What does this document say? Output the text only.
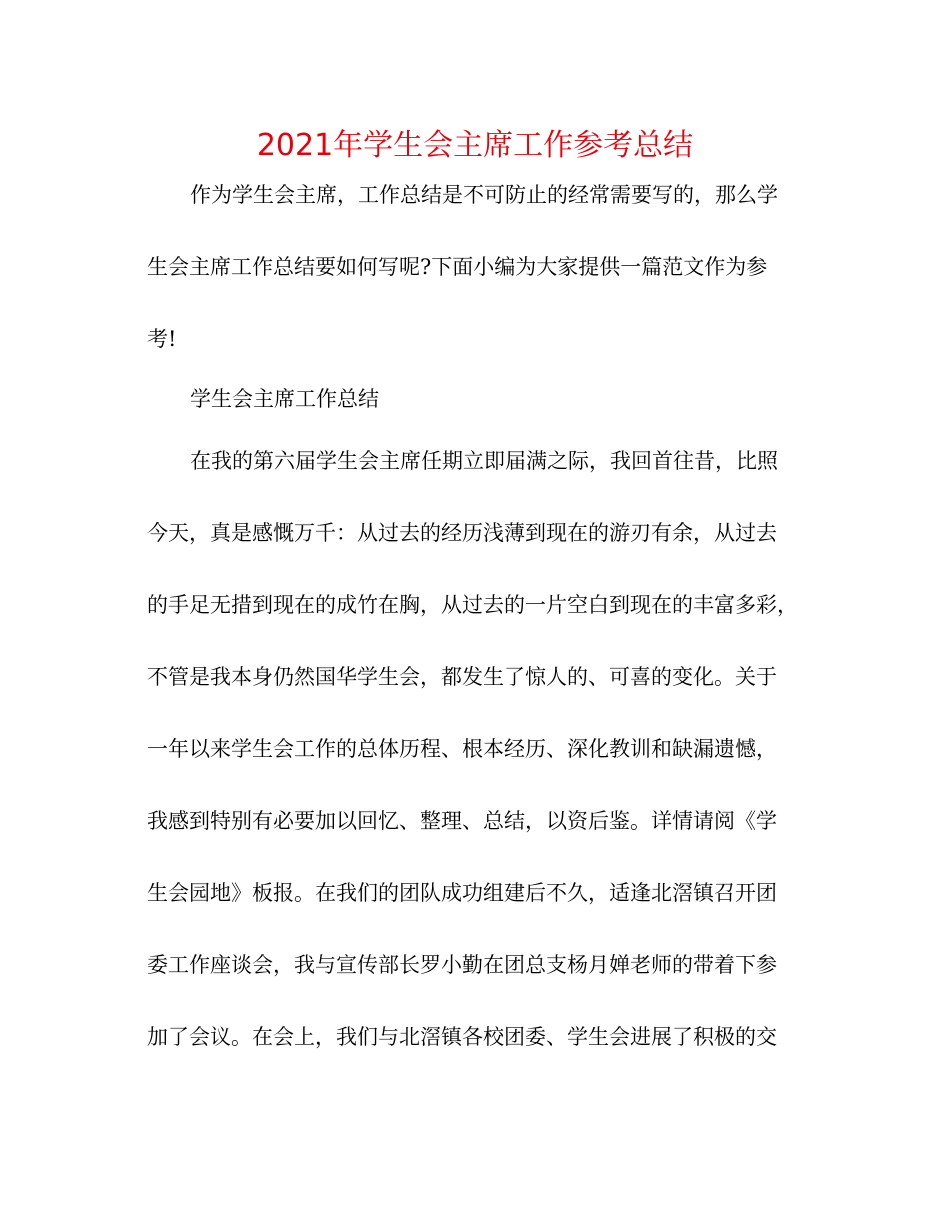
2021年学生会主席工作参考总结
作为学生会主席，工作总结是不可防止的经常需要写的，那么学
生会主席工作总结要如何写呢?下面小编为大家提供一篇范文作为参
考!
学生会主席工作总结
在我的第六届学生会主席任期立即届满之际，我回首往昔，比照
今天，真是感慨万千：从过去的经历浅薄到现在的游刃有余，从过去
的手足无措到现在的成竹在胸，从过去的一片空白到现在的丰富多彩，
不管是我本身仍然国华学生会，都发生了惊人的、可喜的变化。关于
一年以来学生会工作的总体历程、根本经历、深化教训和缺漏遗憾，
我感到特别有必要加以回忆、整理、总结，以资后鉴。详情请阅《学
生会园地》板报。在我们的团队成功组建后不久，适逢北滘镇召开团
委工作座谈会，我与宣传部长罗小勤在团总支杨月婵老师的带着下参
加了会议。在会上，我们与北滘镇各校团委、学生会进展了积极的交
